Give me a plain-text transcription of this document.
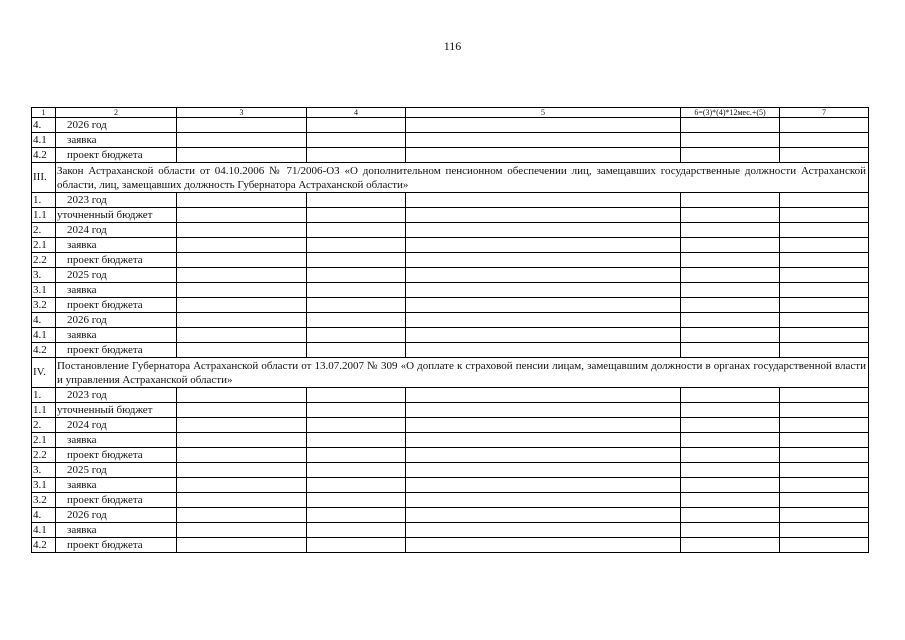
116
1	2	3	4	5	6=(3)*(4)*12мес.+(5)	7
4.	2026 год					
4.1	заявка					
4.2	проект бюджета					
III.	Закон Астраханской области от 04.10.2006 № 71/2006-ОЗ «О дополнительном пенсионном обеспечении лиц, замещавших государственные должности Астраханской области, лиц, замещавших должность Губернатора Астраханской области»					
1.	2023 год					
1.1	уточненный бюджет					
2.	2024 год					
2.1	заявка					
2.2	проект бюджета					
3.	2025 год					
3.1	заявка					
3.2	проект бюджета					
4.	2026 год					
4.1	заявка					
4.2	проект бюджета					
IV.	Постановление Губернатора Астраханской области от 13.07.2007 № 309 «О доплате к страховой пенсии лицам, замещавшим должности в органах государственной власти и управления Астраханской области»					
1.	2023 год					
1.1	уточненный бюджет					
2.	2024 год					
2.1	заявка					
2.2	проект бюджета					
3.	2025 год					
3.1	заявка					
3.2	проект бюджета					
4.	2026 год					
4.1	заявка					
4.2	проект бюджета					
